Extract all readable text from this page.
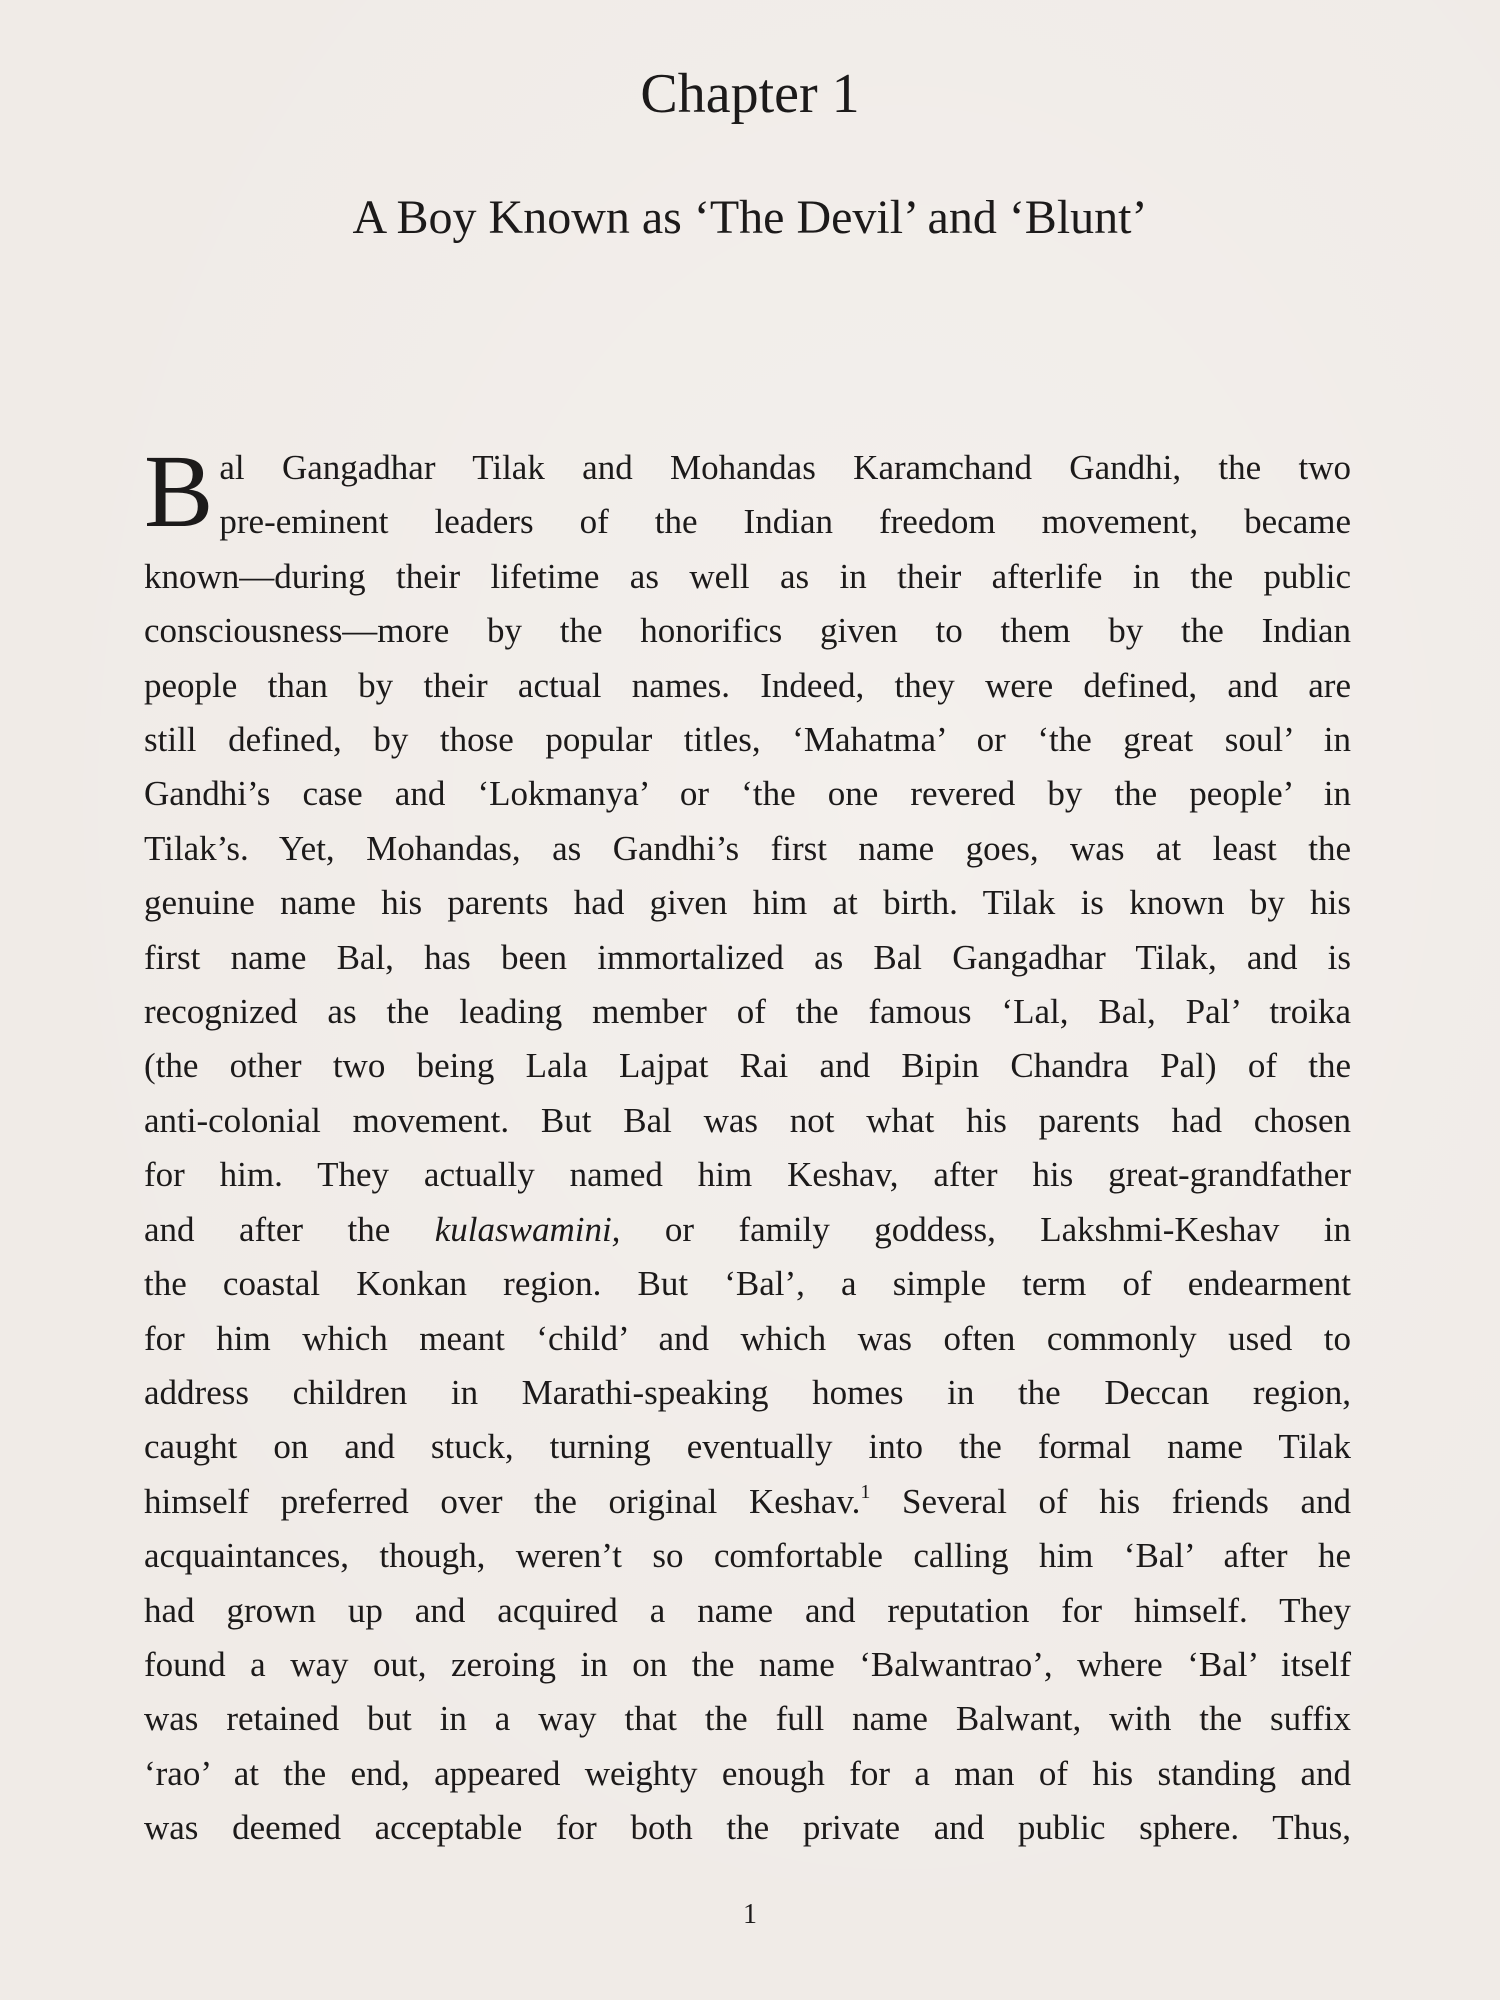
Chapter 1
A Boy Known as ‘The Devil’ and ‘Blunt’
B al Gangadhar Tilak and Mohandas Karamchand Gandhi, the two
pre-eminent leaders of the Indian freedom movement, became
known—during their lifetime as well as in their afterlife in the public
consciousness—more by the honorifics given to them by the Indian
people than by their actual names. Indeed, they were defined, and are
still defined, by those popular titles, ‘Mahatma’ or ‘the great soul’ in
Gandhi’s case and ‘Lokmanya’ or ‘the one revered by the people’ in
Tilak’s. Yet, Mohandas, as Gandhi’s first name goes, was at least the
genuine name his parents had given him at birth. Tilak is known by his
first name Bal, has been immortalized as Bal Gangadhar Tilak, and is
recognized as the leading member of the famous ‘Lal, Bal, Pal’ troika
(the other two being Lala Lajpat Rai and Bipin Chandra Pal) of the
anti-colonial movement. But Bal was not what his parents had chosen
for him. They actually named him Keshav, after his great-grandfather
and after the kulaswamini, or family goddess, Lakshmi-Keshav in
the coastal Konkan region. But ‘Bal’, a simple term of endearment
for him which meant ‘child’ and which was often commonly used to
address children in Marathi-speaking homes in the Deccan region,
caught on and stuck, turning eventually into the formal name Tilak
himself preferred over the original Keshav.$^1$ Several of his friends and
acquaintances, though, weren’t so comfortable calling him ‘Bal’ after he
had grown up and acquired a name and reputation for himself. They
found a way out, zeroing in on the name ‘Balwantrao’, where ‘Bal’ itself
was retained but in a way that the full name Balwant, with the suffix
‘rao’ at the end, appeared weighty enough for a man of his standing and
was deemed acceptable for both the private and public sphere. Thus,
1
